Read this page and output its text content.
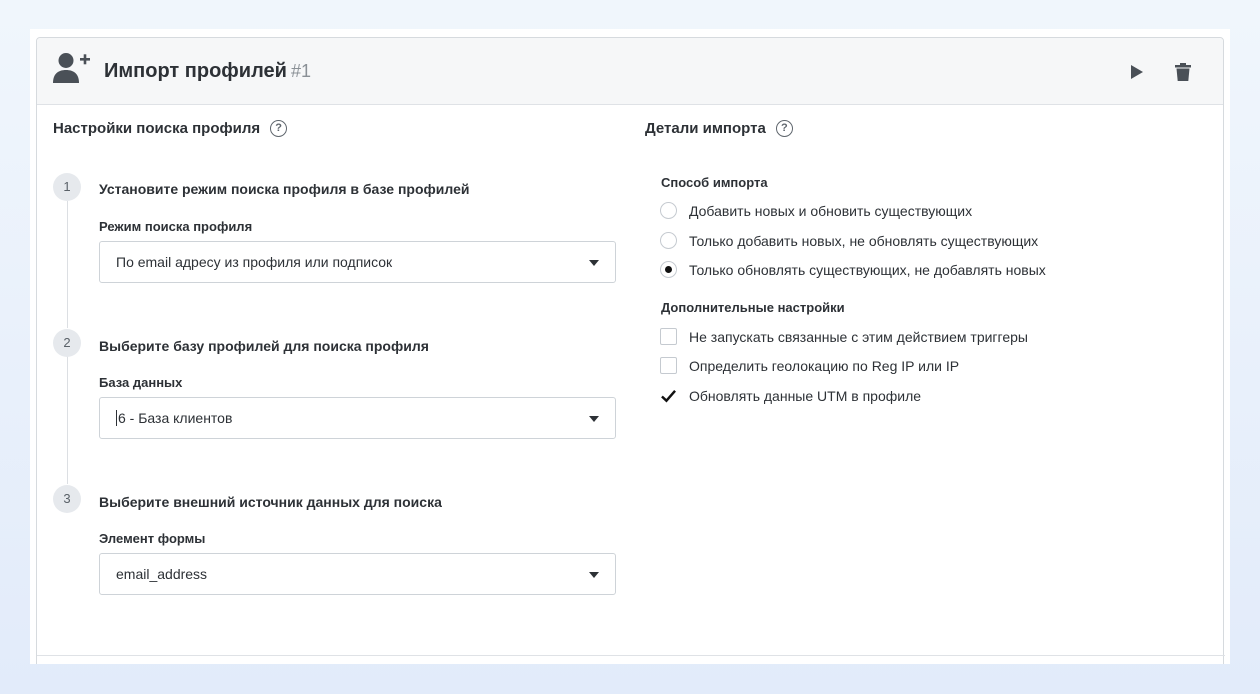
Импорт профилей #1
Настройки поиска профиля	?
1	Установите режим поиска профиля в базе профилей
Режим поиска профиля
По email адресу из профиля или подписок
2	Выберите базу профилей для поиска профиля
База данных
6 - База клиентов
3	Выберите внешний источник данных для поиска
Элемент формы
email_address
Детали импорта	?
Способ импорта
Добавить новых и обновить существующих
Только добавить новых, не обновлять существующих
Только обновлять существующих, не добавлять новых
Дополнительные настройки
Не запускать связанные с этим действием триггеры
Определить геолокацию по Reg IP или IP
Обновлять данные UTM в профиле
